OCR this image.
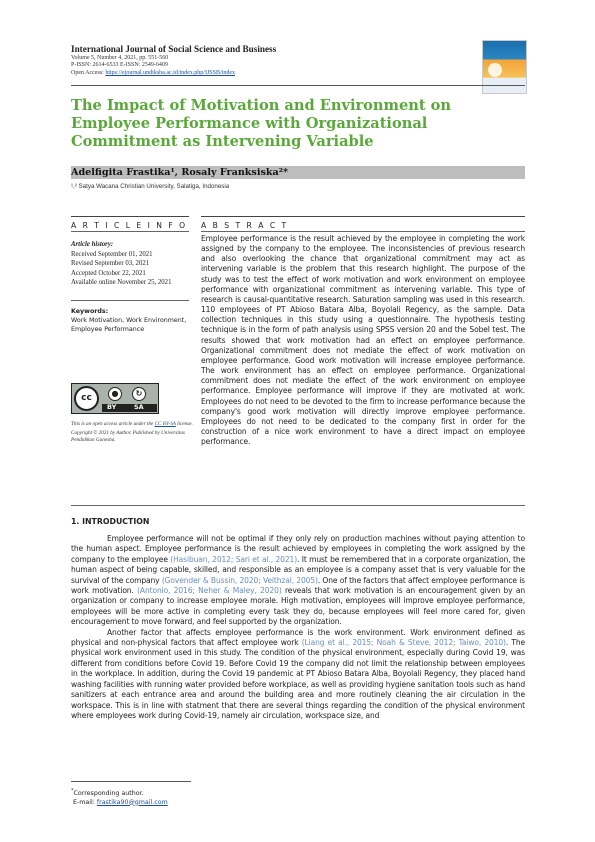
International Journal of Social Science and Business
Volume 5, Number 4, 2021, pp. 551-560
P-ISSN: 2614-6533 E-ISSN: 2549-6409
Open Access: https://ejournal.undiksha.ac.id/index.php/IJSSB/index
The Impact of Motivation and Environment on Employee Performance with Organizational Commitment as Intervening Variable
Adelfigita Frastika¹, Rosaly Franksiska²*
¹,² Satya Wacana Christian University, Salatiga, Indonesia
A R T I C L E I N F O A B S T R A C T
Article history:
Received September 01, 2021
Revised September 03, 2021
Accepted October 22, 2021
Available online November 25, 2021
Keywords:
Work Motivation, Work Environment, Employee Performance
cc	●	↻
BY	SA
This is an open access article under the CC BY-SA license.
Copyright © 2021 by Author. Published by Universitas Pendidikan Ganesha.
Employee performance is the result achieved by the employee in completing the work assigned by the company to the employee. The inconsistencies of previous research and also overlooking the chance that organizational commitment may act as intervening variable is the problem that this research highlight. The purpose of the study was to test the effect of work motivation and work environment on employee performance with organizational commitment as intervening variable. This type of research is causal-quantitative research. Saturation sampling was used in this research. 110 employees of PT Abioso Batara Alba, Boyolali Regency, as the sample. Data collection techniques in this study using a questionnaire. The hypothesis testing technique is in the form of path analysis using SPSS version 20 and the Sobel test. The results showed that work motivation had an effect on employee performance. Organizational commitment does not mediate the effect of work motivation on employee performance. Good work motivation will increase employee performance. The work environment has an effect on employee performance. Organizational commitment does not mediate the effect of the work environment on employee performance. Employee performance will improve if they are motivated at work. Employees do not need to be devoted to the firm to increase performance because the company's good work motivation will directly improve employee performance. Employees do not need to be dedicated to the company first in order for the construction of a nice work environment to have a direct impact on employee performance.
1. INTRODUCTION

Employee performance will not be optimal if they only rely on production machines without paying attention to the human aspect. Employee performance is the result achieved by employees in completing the work assigned by the company to the employee (Hasibuan, 2012; Sari et al., 2021). It must be remembered that in a corporate organization, the human aspect of being capable, skilled, and responsible as an employee is a company asset that is very valuable for the survival of the company (Govender & Bussin, 2020; Veithzal, 2005). One of the factors that affect employee performance is work motivation. (Antonio, 2016; Neher & Maley, 2020) reveals that work motivation is an encouragement given by an organization or company to increase employee morale. High motivation, employees will improve employee performance, employees will be more active in completing every task they do, because employees will feel more cared for, given encouragement to move forward, and feel supported by the organization.

Another factor that affects employee performance is the work environment. Work environment defined as physical and non-physical factors that affect employee work (Liang et al., 2015; Noah & Steve, 2012; Taiwo, 2010). The physical work environment used in this study. The condition of the physical environment, especially during Covid 19, was different from conditions before Covid 19. Before Covid 19 the company did not limit the relationship between employees in the workplace. In addition, during the Covid 19 pandemic at PT Abioso Batara Alba, Boyolali Regency, they placed hand washing facilities with running water provided before workplace, as well as providing hygiene sanitation tools such as hand sanitizers at each entrance area and around the building area and more routinely cleaning the air circulation in the workspace. This is in line with statment that there are several things regarding the condition of the physical environment where employees work during Covid-19, namely air circulation, workspace size, and

*Corresponding author.
E-mail: frastika90@gmail.com
